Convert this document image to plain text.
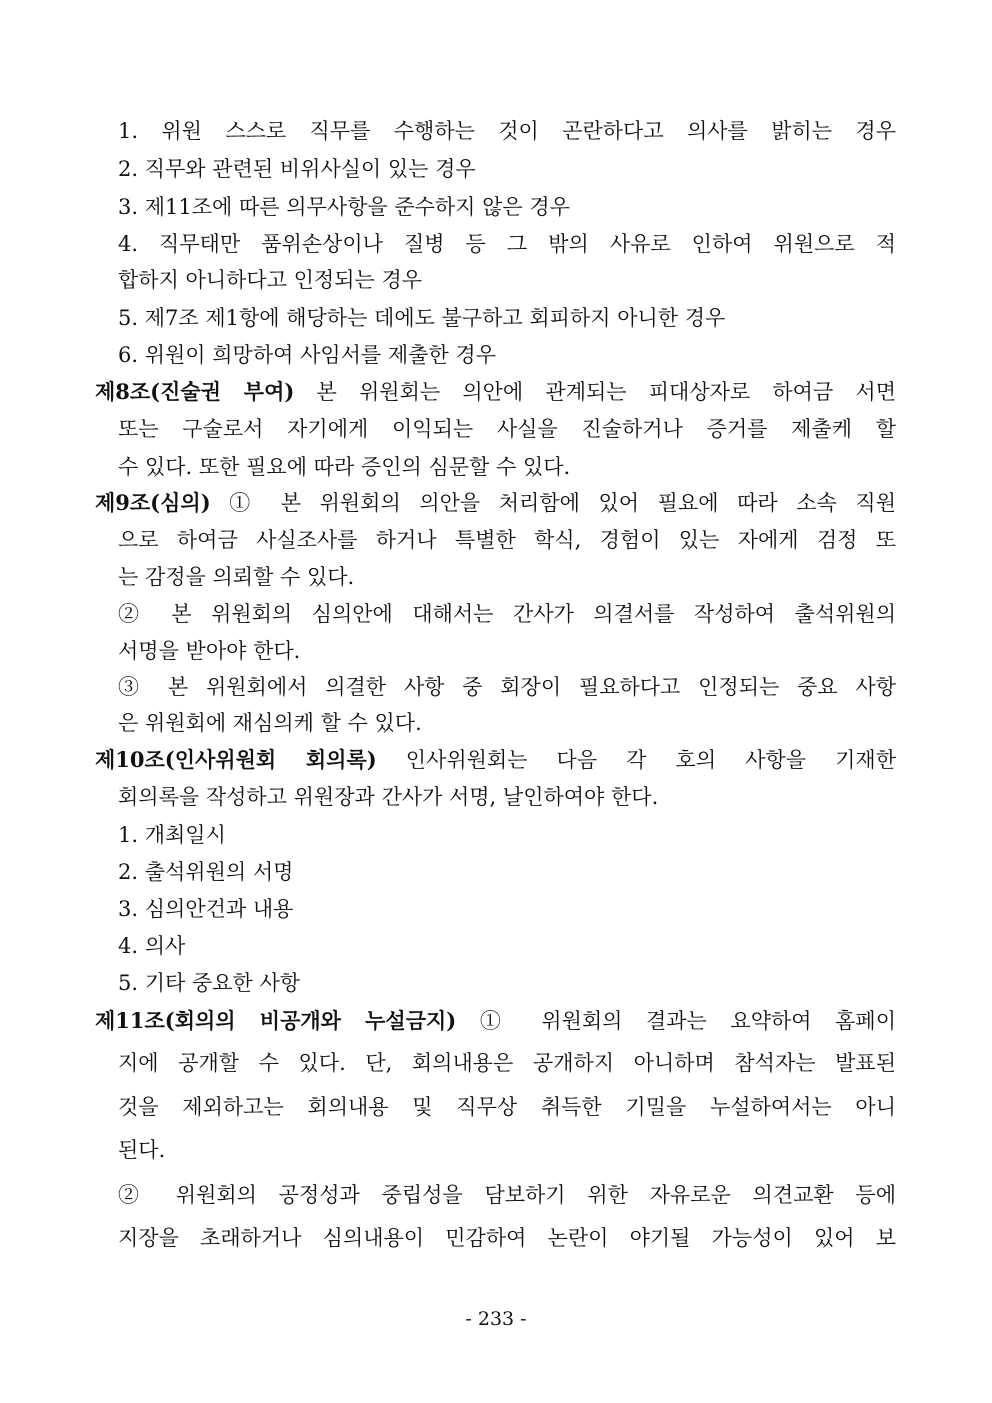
1. 위원 스스로 직무를 수행하는 것이 곤란하다고 의사를 밝히는 경우
2. 직무와 관련된 비위사실이 있는 경우
3. 제11조에 따른 의무사항을 준수하지 않은 경우
4. 직무태만 품위손상이나 질병 등 그 밖의 사유로 인하여 위원으로 적
합하지 아니하다고 인정되는 경우
5. 제7조 제1항에 해당하는 데에도 불구하고 회피하지 아니한 경우
6. 위원이 희망하여 사임서를 제출한 경우
제8조(진술권 부여) 본 위원회는 의안에 관계되는 피대상자로 하여금 서면
또는 구술로서 자기에게 이익되는 사실을 진술하거나 증거를 제출케 할
수 있다. 또한 필요에 따라 증인의 심문할 수 있다.
제9조(심의) ① 본 위원회의 의안을 처리함에 있어 필요에 따라 소속 직원
으로 하여금 사실조사를 하거나 특별한 학식, 경험이 있는 자에게 검정 또
는 감정을 의뢰할 수 있다.
② 본 위원회의 심의안에 대해서는 간사가 의결서를 작성하여 출석위원의
서명을 받아야 한다.
③ 본 위원회에서 의결한 사항 중 회장이 필요하다고 인정되는 중요 사항
은 위원회에 재심의케 할 수 있다.
제10조(인사위원회 회의록) 인사위원회는 다음 각 호의 사항을 기재한
회의록을 작성하고 위원장과 간사가 서명, 날인하여야 한다.
1. 개최일시
2. 출석위원의 서명
3. 심의안건과 내용
4. 의사
5. 기타 중요한 사항
제11조(회의의 비공개와 누설금지) ① 위원회의 결과는 요약하여 홈페이
지에 공개할 수 있다. 단, 회의내용은 공개하지 아니하며 참석자는 발표된
것을 제외하고는 회의내용 및 직무상 취득한 기밀을 누설하여서는 아니
된다.
② 위원회의 공정성과 중립성을 담보하기 위한 자유로운 의견교환 등에
지장을 초래하거나 심의내용이 민감하여 논란이 야기될 가능성이 있어 보
- 233 -
